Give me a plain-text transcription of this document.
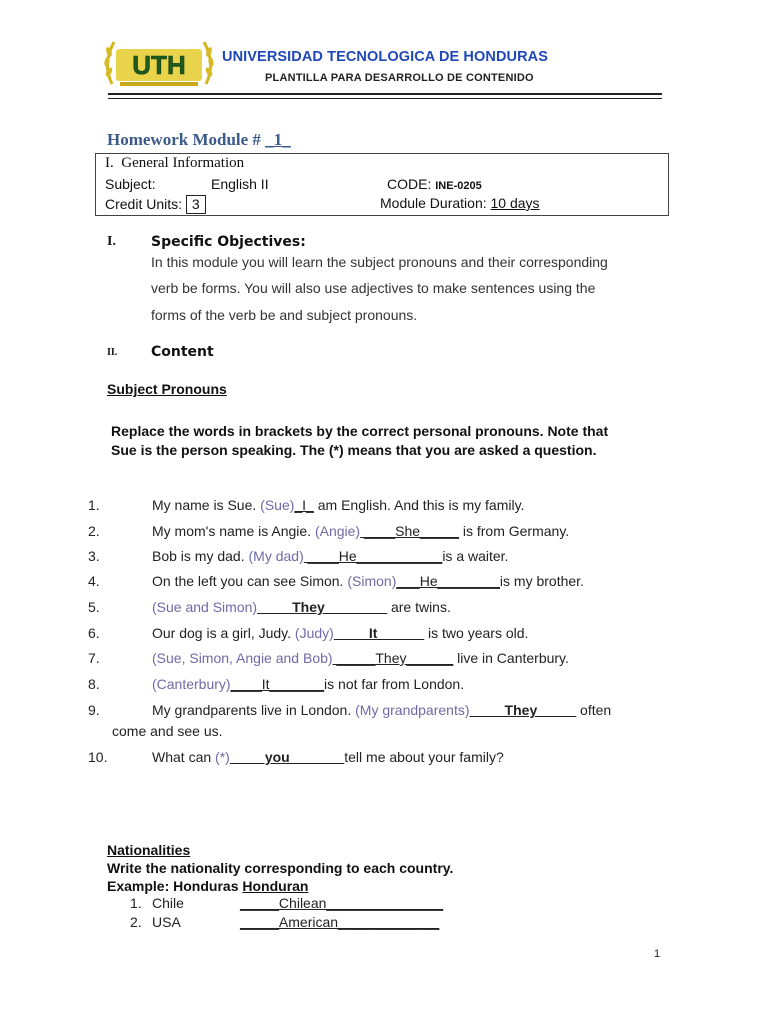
UTH	UNIVERSIDAD TECNOLOGICA DE HONDURAS
PLANTILLA PARA DESARROLLO DE CONTENIDO
Homework Module # _1_
I. General Information
Subject:	English II	CODE: INE-0205
Credit Units: 3	Module Duration: 10 days
I.	Specific Objectives:
In this module you will learn the subject pronouns and their corresponding
verb be forms. You will also use adjectives to make sentences using the
forms of the verb be and subject pronouns.
II. Content
Subject Pronouns
Replace the words in brackets by the correct personal pronouns. Note that Sue is the person speaking. The (*) means that you are asked a question.
1.	My name is Sue. (Sue)_I_ am English. And this is my family.
2.	My mom's name is Angie. (Angie) ____She_____ is from Germany.
3.	Bob is my dad. (My dad) ____He___________is a waiter.
4.	On the left you can see Simon. (Simon)___He________is my brother.
5.	(Sue and Simon) ____They________ are twins.
6.	Our dog is a girl, Judy. (Judy) ____It______ is two years old.
7.	(Sue, Simon, Angie and Bob) _____They______ live in Canterbury.
8.	(Canterbury)____It_______is not far from London.
9.	My grandparents live in London. (My grandparents) ____They_____ often
come and see us.
10.	What can (*) ____you_______tell me about your family?
Nationalities
Write the nationality corresponding to each country.
Example: Honduras Honduran
1. Chile	_____Chilean_______________
2. USA	_____American_____________
1
